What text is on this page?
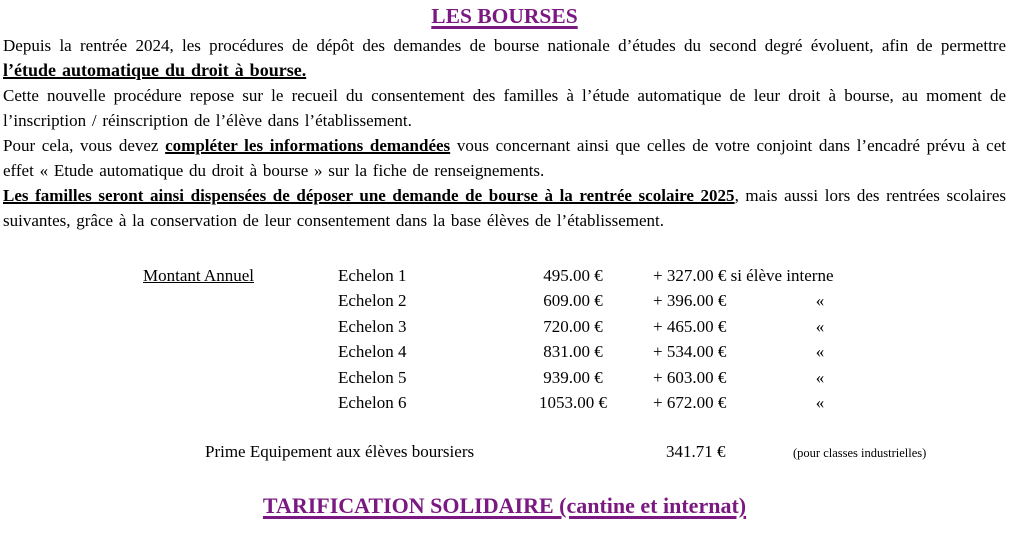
LES BOURSES

Depuis la rentrée 2024, les procédures de dépôt des demandes de bourse nationale d’études du second degré évoluent, afin de permettre l’étude automatique du droit à bourse.

Cette nouvelle procédure repose sur le recueil du consentement des familles à l’étude automatique de leur droit à bourse, au moment de l’inscription / réinscription de l’élève dans l’établissement.

Pour cela, vous devez compléter les informations demandées vous concernant ainsi que celles de votre conjoint dans l’encadré prévu à cet effet « Etude automatique du droit à bourse » sur la fiche de renseignements.

Les familles seront ainsi dispensées de déposer une demande de bourse à la rentrée scolaire 2025, mais aussi lors des rentrées scolaires suivantes, grâce à la conservation de leur consentement dans la base élèves de l’établissement.

Montant Annuel	Echelon 1	495.00 €	+ 327.00 € si élève interne
Echelon 2	609.00 €	+ 396.00 €	«
Echelon 3	720.00 €	+ 465.00 €	«
Echelon 4	831.00 €	+ 534.00 €	«
Echelon 5	939.00 €	+ 603.00 €	«
Echelon 6	1053.00 €	+ 672.00 €	«
Prime Equipement aux élèves boursiers	341.71 €	(pour classes industrielles)
TARIFICATION SOLIDAIRE (cantine et internat)
